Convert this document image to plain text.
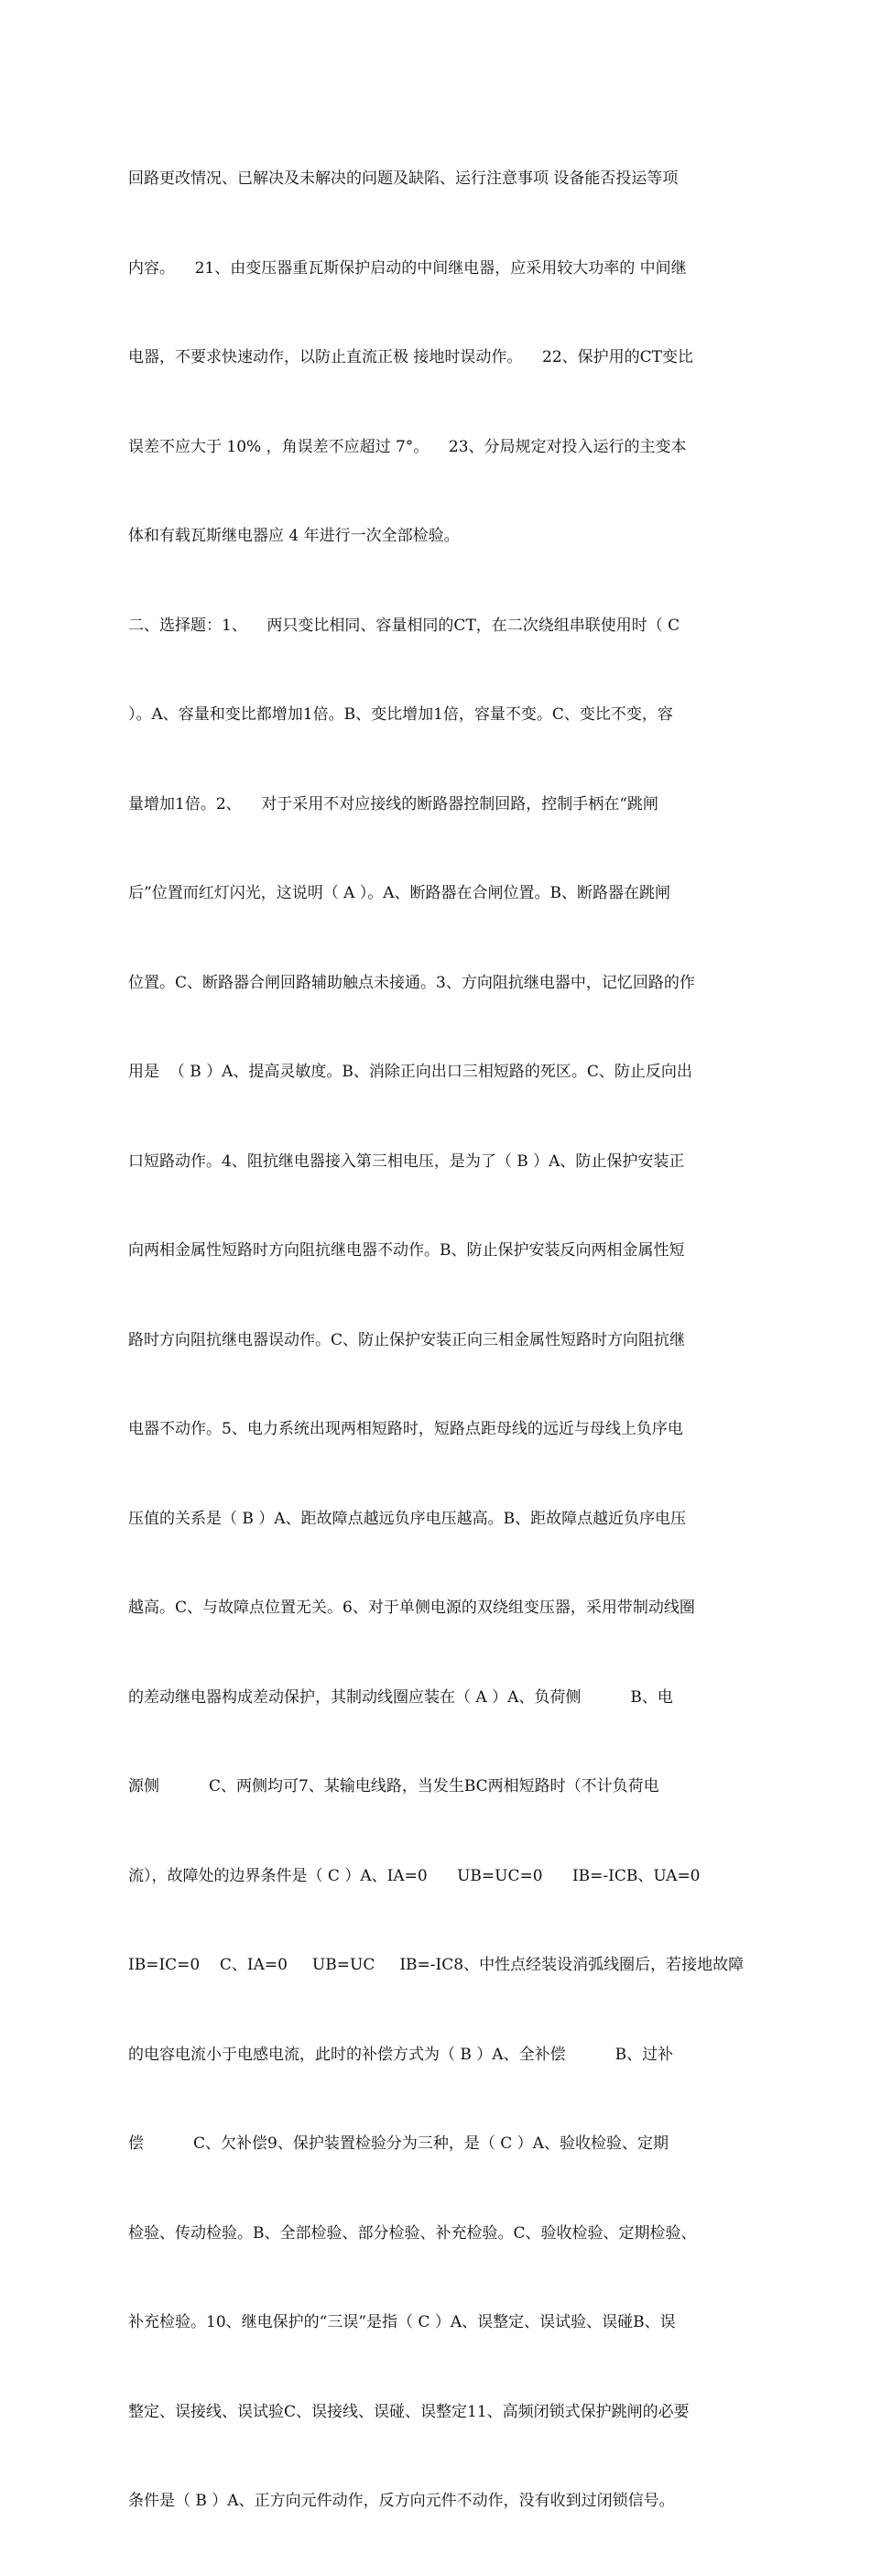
回路更改情况、已解决及未解决的问题及缺陷、运行注意事项 设备能否投运等项

内容。    21、由变压器重瓦斯保护启动的中间继电器，应采用较大功率的 中间继

电器，不要求快速动作，以防止直流正极 接地时误动作。    22、保护用的CT变比

误差不应大于 10% ，角误差不应超过 7°。    23、分局规定对投入运行的主变本

体和有载瓦斯继电器应 4 年进行一次全部检验。

二、选择题：1、    两只变比相同、容量相同的CT，在二次绕组串联使用时（ C

）。A、容量和变比都增加1倍。B、变比增加1倍，容量不变。C、变比不变，容

量增加1倍。2、    对于采用不对应接线的断路器控制回路，控制手柄在“跳闸

后”位置而红灯闪光，这说明（ A ）。A、断路器在合闸位置。B、断路器在跳闸

位置。C、断路器合闸回路辅助触点未接通。3、方向阻抗继电器中，记忆回路的作

用是  （ B ）A、提高灵敏度。B、消除正向出口三相短路的死区。C、防止反向出

口短路动作。4、阻抗继电器接入第三相电压，是为了（ B ）A、防止保护安装正

向两相金属性短路时方向阻抗继电器不动作。B、防止保护安装反向两相金属性短

路时方向阻抗继电器误动作。C、防止保护安装正向三相金属性短路时方向阻抗继

电器不动作。5、电力系统出现两相短路时，短路点距母线的远近与母线上负序电

压值的关系是（ B ）A、距故障点越远负序电压越高。B、距故障点越近负序电压

越高。C、与故障点位置无关。6、对于单侧电源的双绕组变压器，采用带制动线圈

的差动继电器构成差动保护，其制动线圈应装在（ A ）A、负荷侧          B、电

源侧          C、两侧均可7、某输电线路，当发生BC两相短路时（不计负荷电

流），故障处的边界条件是（ C ）A、IA=0      UB=UC=0      IB=-ICB、UA=0

IB=IC=0    C、IA=0     UB=UC     IB=-IC8、中性点经装设消弧线圈后，若接地故障

的电容电流小于电感电流，此时的补偿方式为（ B ）A、全补偿          B、过补

偿          C、欠补偿9、保护装置检验分为三种，是（ C ）A、验收检验、定期

检验、传动检验。B、全部检验、部分检验、补充检验。C、验收检验、定期检验、

补充检验。10、继电保护的“三误”是指（ C ）A、误整定、误试验、误碰B、误

整定、误接线、误试验C、误接线、误碰、误整定11、高频闭锁式保护跳闸的必要

条件是（ B ）A、正方向元件动作，反方向元件不动作，没有收到过闭锁信号。
